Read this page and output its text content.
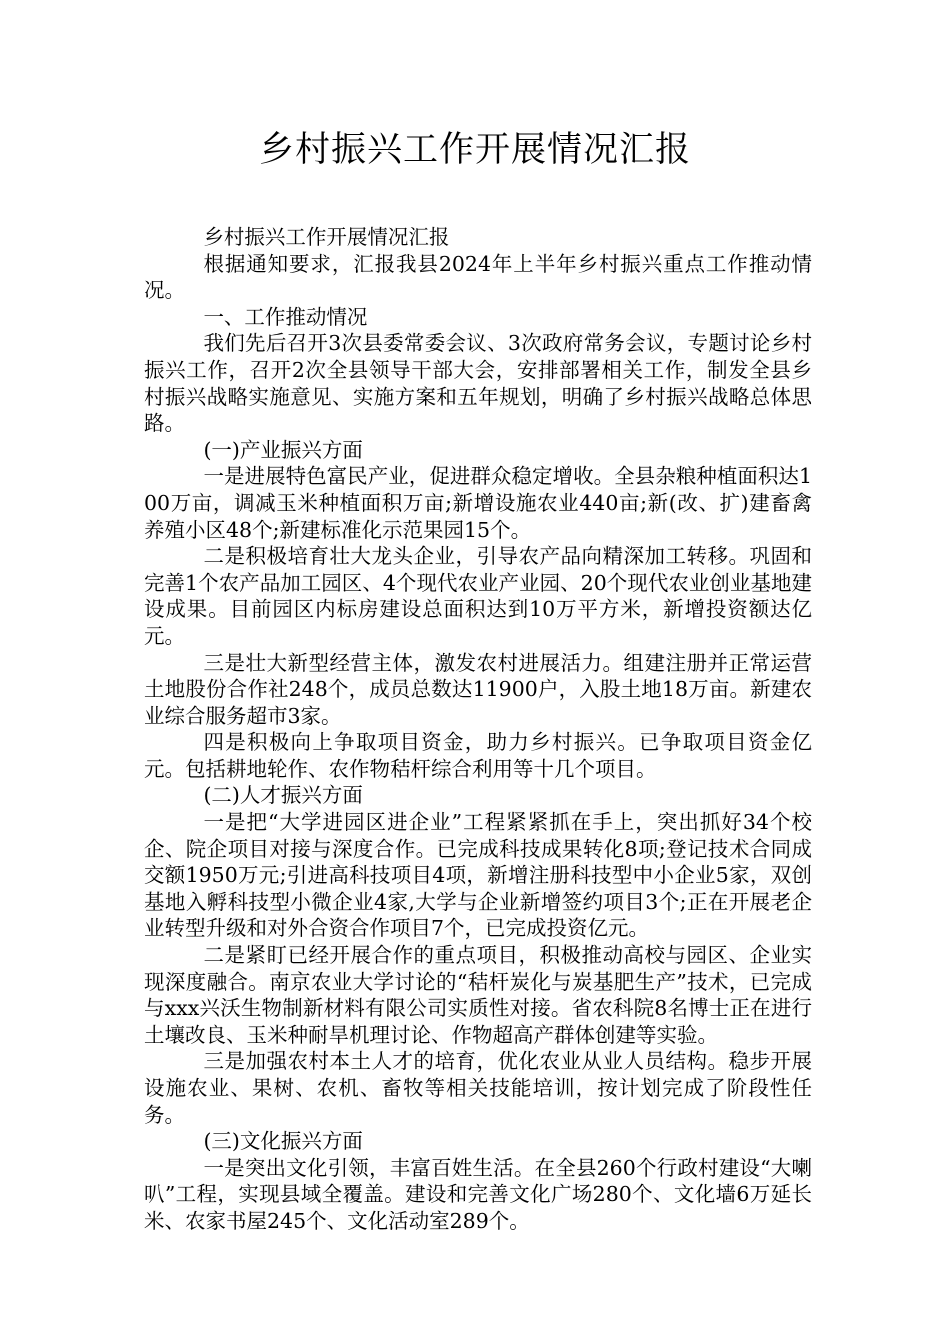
乡村振兴工作开展情况汇报

乡村振兴工作开展情况汇报

根据通知要求，汇报我县2024年上半年乡村振兴重点工作推动情况。

一、工作推动情况

我们先后召开3次县委常委会议、3次政府常务会议，专题讨论乡村振兴工作，召开2次全县领导干部大会，安排部署相关工作，制发全县乡村振兴战略实施意见、实施方案和五年规划，明确了乡村振兴战略总体思路。

(一)产业振兴方面

一是进展特色富民产业，促进群众稳定增收。全县杂粮种植面积达100万亩，调减玉米种植面积万亩;新增设施农业440亩;新(改、扩)建畜禽养殖小区48个;新建标准化示范果园15个。

二是积极培育壮大龙头企业，引导农产品向精深加工转移。巩固和完善1个农产品加工园区、4个现代农业产业园、20个现代农业创业基地建设成果。目前园区内标房建设总面积达到10万平方米，新增投资额达亿元。

三是壮大新型经营主体，激发农村进展活力。组建注册并正常运营土地股份合作社248个，成员总数达11900户，入股土地18万亩。新建农业综合服务超市3家。

四是积极向上争取项目资金，助力乡村振兴。已争取项目资金亿元。包括耕地轮作、农作物秸杆综合利用等十几个项目。

(二)人才振兴方面

一是把“大学进园区进企业”工程紧紧抓在手上，突出抓好34个校企、院企项目对接与深度合作。已完成科技成果转化8项;登记技术合同成交额1950万元;引进高科技项目4项，新增注册科技型中小企业5家，双创基地入孵科技型小微企业4家,大学与企业新增签约项目3个;正在开展老企业转型升级和对外合资合作项目7个，已完成投资亿元。

二是紧盯已经开展合作的重点项目，积极推动高校与园区、企业实现深度融合。南京农业大学讨论的“秸杆炭化与炭基肥生产”技术，已完成与xxx兴沃生物制新材料有限公司实质性对接。省农科院8名博士正在进行土壤改良、玉米种耐旱机理讨论、作物超高产群体创建等实验。

三是加强农村本土人才的培育，优化农业从业人员结构。稳步开展设施农业、果树、农机、畜牧等相关技能培训，按计划完成了阶段性任务。

(三)文化振兴方面

一是突出文化引领，丰富百姓生活。在全县260个行政村建设“大喇叭”工程，实现县域全覆盖。建设和完善文化广场280个、文化墙6万延长米、农家书屋245个、文化活动室289个。
